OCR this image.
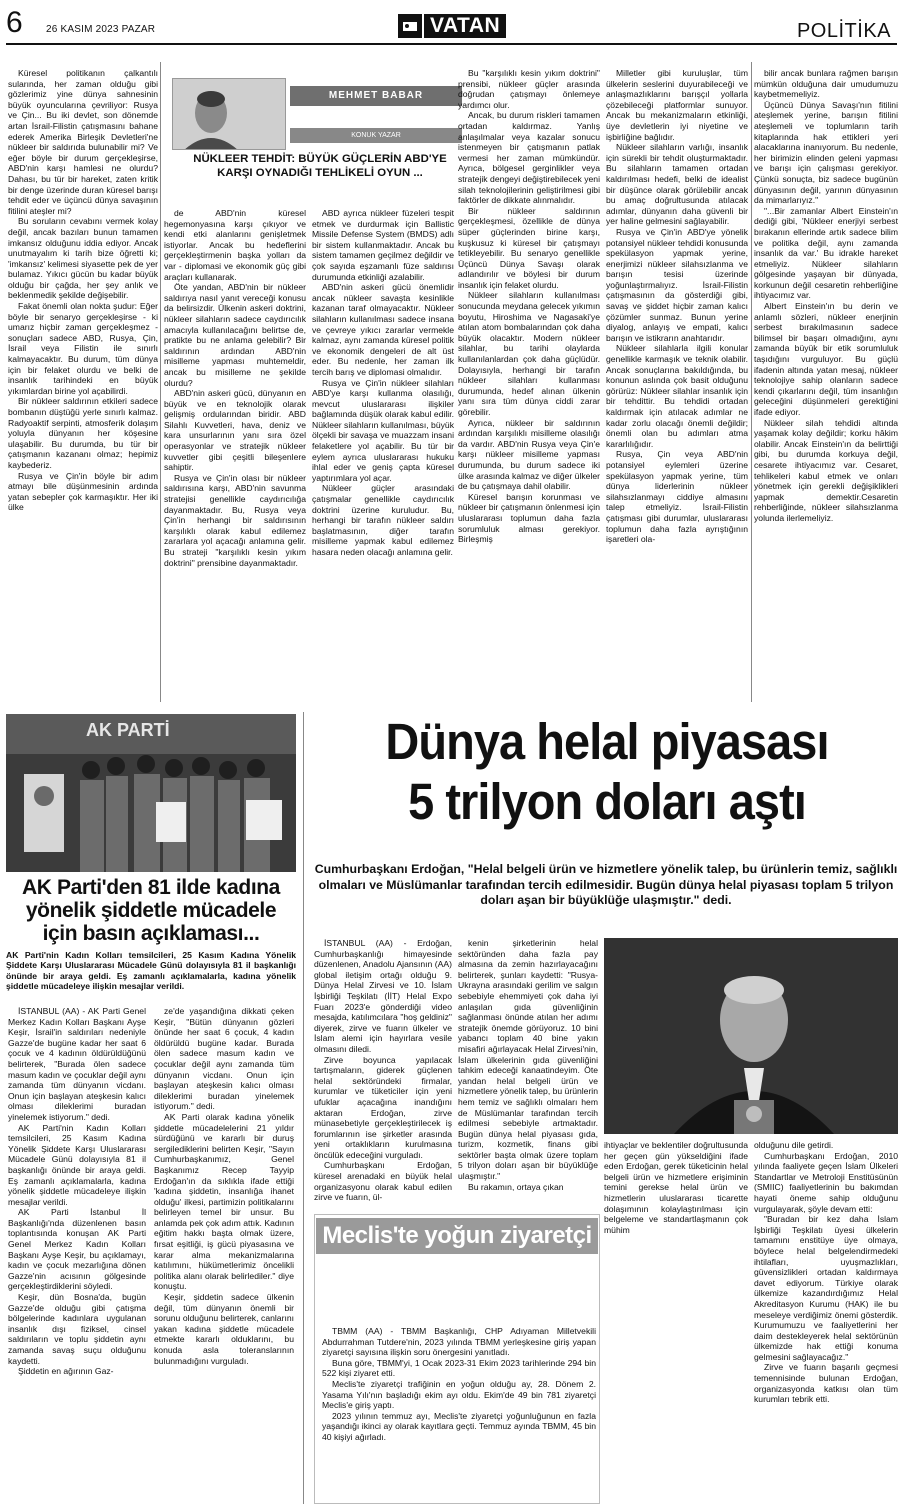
6 26 KASIM 2023 PAZAR	VATAN	POLİTİKA
MEHMET BABAR
KONUK YAZAR
NÜKLEER TEHDİT: BÜYÜK GÜÇLERİN ABD'YE KARŞI OYNADIĞI TEHLİKELİ OYUN ...

Küresel politikanın çalkantılı sularında, her zaman olduğu gibi gözlerimiz yine dünya sahnesinin büyük oyuncularına çevriliyor: Rusya ve Çin... Bu iki devlet, son dönemde artan İsrail-Filistin çatışmasını bahane ederek Amerika Birleşik Devletleri'ne nükleer bir saldırıda bulunabilir mi? Ve eğer böyle bir durum gerçekleşirse, ABD'nin karşı hamlesi ne olurdu? Dahası, bu tür bir hareket, zaten kritik bir denge üzerinde duran küresel barışı tehdit eder ve üçüncü dünya savaşının fitilini ateşler mi?

Bu soruların cevabını vermek kolay değil, ancak bazıları bunun tamamen imkansız olduğunu iddia ediyor. Ancak unutmayalım ki tarih bize öğretti ki; 'imkansız' kelimesi siyasette pek de yer bulamaz. Yıkıcı gücün bu kadar büyük olduğu bir çağda, her şey anlık ve beklenmedik şekilde değişebilir.

Fakat önemli olan nokta şudur: Eğer böyle bir senaryo gerçekleşirse - ki umarız hiçbir zaman gerçekleşmez - sonuçları sadece ABD, Rusya, Çin, İsrail veya Filistin ile sınırlı kalmayacaktır. Bu durum, tüm dünya için bir felaket olurdu ve belki de insanlık tarihindeki en büyük yıkımlardan birine yol açabilirdi.

Bir nükleer saldırının etkileri sadece bombanın düştüğü yerle sınırlı kalmaz. Radyoaktif serpinti, atmosferik dolaşım yoluyla dünyanın her köşesine ulaşabilir. Bu durumda, bu tür bir çatışmanın kazananı olmaz; hepimiz kaybederiz.

Rusya ve Çin'in böyle bir adım atmayı bile düşünmesinin ardında yatan sebepler çok karmaşıktır. Her iki ülke

de ABD'nin küresel hegemonyasına karşı çıkıyor ve kendi etki alanlarını genişletmek istiyorlar. Ancak bu hedeflerini gerçekleştirmenin başka yolları da var - diplomasi ve ekonomik güç gibi araçları kullanarak.

Öte yandan, ABD'nin bir nükleer saldırıya nasıl yanıt vereceği konusu da belirsizdir. Ülkenin askeri doktrini, nükleer silahların sadece caydırıcılık amacıyla kullanılacağını belirtse de, pratikte bu ne anlama gelebilir? Bir saldırının ardından ABD'nin misilleme yapması muhtemeldir, ancak bu misilleme ne şekilde olurdu?

ABD'nin askeri gücü, dünyanın en büyük ve en teknolojik olarak gelişmiş ordularından biridir. ABD Silahlı Kuvvetleri, hava, deniz ve kara unsurlarının yanı sıra özel operasyonlar ve stratejik nükleer kuvvetler gibi çeşitli bileşenlere sahiptir.

Rusya ve Çin'in olası bir nükleer saldırısına karşı, ABD'nin savunma stratejisi genellikle caydırıcılığa dayanmaktadır. Bu, Rusya veya Çin'in herhangi bir saldırısının karşılıklı olarak kabul edilemez zararlara yol açacağı anlamına gelir. Bu strateji "karşılıklı kesin yıkım doktrini" prensibine dayanmaktadır.

ABD ayrıca nükleer füzeleri tespit etmek ve durdurmak için Ballistic Missile Defense System (BMDS) adlı bir sistem kullanmaktadır. Ancak bu sistem tamamen geçilmez değildir ve çok sayıda eşzamanlı füze saldırısı durumunda etkinliği azalabilir.

ABD'nin askeri gücü önemlidir ancak nükleer savaşta kesinlikle kazanan taraf olmayacaktır. Nükleer silahların kullanılması sadece insana ve çevreye yıkıcı zararlar vermekle kalmaz, aynı zamanda küresel politik ve ekonomik dengeleri de alt üst eder. Bu nedenle, her zaman ilk tercih barış ve diplomasi olmalıdır.

Rusya ve Çin'in nükleer silahları ABD'ye karşı kullanma olasılığı, mevcut uluslararası ilişkiler bağlamında düşük olarak kabul edilir. Nükleer silahların kullanılması, büyük ölçekli bir savaşa ve muazzam insani felaketlere yol açabilir. Bu tür bir eylem ayrıca uluslararası hukuku ihlal eder ve geniş çapta küresel yaptırımlara yol açar.

Nükleer güçler arasındaki çatışmalar genellikle caydırıcılık doktrini üzerine kuruludur. Bu, herhangi bir tarafın nükleer saldırı başlatmasının, diğer tarafın misilleme yapmak kabul edilemez hasara neden olacağı anlamına gelir.

Bu "karşılıklı kesin yıkım doktrini" prensibi, nükleer güçler arasında doğrudan çatışmayı önlemeye yardımcı olur.

Ancak, bu durum riskleri tamamen ortadan kaldırmaz. Yanlış anlaşılmalar veya kazalar sonucu istenmeyen bir çatışmanın patlak vermesi her zaman mümkündür. Ayrıca, bölgesel gerginlikler veya stratejik dengeyi değiştirebilecek yeni silah teknolojilerinin geliştirilmesi gibi faktörler de dikkate alınmalıdır.

Bir nükleer saldırının gerçekleşmesi, özellikle de dünya süper güçlerinden birine karşı, kuşkusuz ki küresel bir çatışmayı tetikleyebilir. Bu senaryo genellikle Üçüncü Dünya Savaşı olarak adlandırılır ve böylesi bir durum insanlık için felaket olurdu.

Nükleer silahların kullanılması sonucunda meydana gelecek yıkımın boyutu, Hiroshima ve Nagasaki'ye atılan atom bombalarından çok daha büyük olacaktır. Modern nükleer silahlar, bu tarihi olaylarda kullanılanlardan çok daha güçlüdür. Dolayısıyla, herhangi bir tarafın nükleer silahları kullanması durumunda, hedef alınan ülkenin yanı sıra tüm dünya ciddi zarar görebilir.

Ayrıca, nükleer bir saldırının ardından karşılıklı misilleme olasılığı da vardır. ABD'nin Rusya veya Çin'e karşı nükleer misilleme yapması durumunda, bu durum sadece iki ülke arasında kalmaz ve diğer ülkeler de bu çatışmaya dahil olabilir.

Küresel barışın korunması ve nükleer bir çatışmanın önlenmesi için uluslararası toplumun daha fazla sorumluluk alması gerekiyor. Birleşmiş

Milletler gibi kuruluşlar, tüm ülkelerin seslerini duyurabileceği ve anlaşmazlıklarını barışçıl yollarla çözebileceği platformlar sunuyor. Ancak bu mekanizmaların etkinliği, üye devletlerin iyi niyetine ve işbirliğine bağlıdır.

Nükleer silahların varlığı, insanlık için sürekli bir tehdit oluşturmaktadır. Bu silahların tamamen ortadan kaldırılması hedefi, belki de idealist bir düşünce olarak görülebilir ancak bu amaç doğrultusunda atılacak adımlar, dünyanın daha güvenli bir yer haline gelmesini sağlayabilir.

Rusya ve Çin'in ABD'ye yönelik potansiyel nükleer tehdidi konusunda spekülasyon yapmak yerine, enerjimizi nükleer silahsızlanma ve barışın tesisi üzerinde yoğunlaştırmalıyız. İsrail-Filistin çatışmasının da gösterdiği gibi, savaş ve şiddet hiçbir zaman kalıcı çözümler sunmaz. Bunun yerine diyalog, anlayış ve empati, kalıcı barışın ve istikrarın anahtarıdır.

Nükleer silahlarla ilgili konular genellikle karmaşık ve teknik olabilir. Ancak sonuçlarına bakıldığında, bu konunun aslında çok basit olduğunu görürüz: Nükleer silahlar insanlık için bir tehdittir. Bu tehdidi ortadan kaldırmak için atılacak adımlar ne kadar zorlu olacağı önemli değildir; önemli olan bu adımları atma kararlılığıdır.

Rusya, Çin veya ABD'nin potansiyel eylemleri üzerine spekülasyon yapmak yerine, tüm dünya liderlerinin nükleer silahsızlanmayı ciddiye almasını talep etmeliyiz. İsrail-Filistin çatışması gibi durumlar, uluslararası toplumun daha fazla ayrıştığının işaretleri ola-

bilir ancak bunlara rağmen barışın mümkün olduğuna dair umudumuzu kaybetmemeliyiz.

Üçüncü Dünya Savaşı'nın fitilini ateşlemek yerine, barışın fitilini ateşlemeli ve toplumların tarih kitaplarında hak ettikleri yeri alacaklarına inanıyorum. Bu nedenle, her birimizin elinden geleni yapması ve barışı için çalışması gerekiyor. Çünkü sonuçta, biz sadece bugünün dünyasının değil, yarının dünyasının da mimarlarıyız."

"...Bir zamanlar Albert Einstein'ın dediği gibi, 'Nükleer enerjiyi serbest bırakanın ellerinde artık sadece bilim ve politika değil, aynı zamanda insanlık da var.' Bu idrakle hareket etmeliyiz. Nükleer silahların gölgesinde yaşayan bir dünyada, korkunun değil cesaretin rehberliğine ihtiyacımız var.

Albert Einstein'ın bu derin ve anlamlı sözleri, nükleer enerjinin serbest bırakılmasının sadece bilimsel bir başarı olmadığını, aynı zamanda büyük bir etik sorumluluk taşıdığını vurguluyor. Bu güçlü ifadenin altında yatan mesaj, nükleer teknolojiye sahip olanların sadece kendi çıkarlarını değil, tüm insanlığın geleceğini düşünmeleri gerektiğini ifade ediyor.

Nükleer silah tehdidi altında yaşamak kolay değildir; korku hâkim olabilir. Ancak Einstein'ın da belirttiği gibi, bu durumda korkuya değil, cesarete ihtiyacımız var. Cesaret, tehlikeleri kabul etmek ve onları yönetmek için gerekli değişiklikleri yapmak demektir.Cesaretin rehberliğinde, nükleer silahsızlanma yolunda ilerlemeliyiz.

AK PARTİ
AK Parti'den 81 ilde kadına yönelik şiddetle mücadele için basın açıklaması...
AK Parti'nin Kadın Kolları temsilcileri, 25 Kasım Kadına Yönelik Şiddete Karşı Uluslararası Mücadele Günü dolayısıyla 81 il başkanlığı önünde bir araya geldi. Eş zamanlı açıklamalarla, kadına yönelik şiddetle mücadeleye ilişkin mesajlar verildi.

İSTANBUL (AA) - AK Parti Genel Merkez Kadın Kolları Başkanı Ayşe Keşir, İsrail'in saldırıları nedeniyle Gazze'de bugüne kadar her saat 6 çocuk ve 4 kadının öldürüldüğünü belirterek, "Burada ölen sadece masum kadın ve çocuklar değil aynı zamanda tüm dünyanın vicdanı. Onun için başlayan ateşkesin kalıcı olması dileklerimi buradan yinelemek istiyorum." dedi.

AK Parti'nin Kadın Kolları temsilcileri, 25 Kasım Kadına Yönelik Şiddete Karşı Uluslararası Mücadele Günü dolayısıyla 81 il başkanlığı önünde bir araya geldi. Eş zamanlı açıklamalarla, kadına yönelik şiddetle mücadeleye ilişkin mesajlar verildi.

AK Parti İstanbul İl Başkanlığı'nda düzenlenen basın toplantısında konuşan AK Parti Genel Merkez Kadın Kolları Başkanı Ayşe Keşir, bu açıklamayı, kadın ve çocuk mezarlığına dönen Gazze'nin acısının gölgesinde gerçekleştirdiklerini söyledi.

Keşir, dün Bosna'da, bugün Gazze'de olduğu gibi çatışma bölgelerinde kadınlara uygulanan insanlık dışı fiziksel, cinsel saldırıların ve toplu şiddetin aynı zamanda savaş suçu olduğunu kaydetti.

Şiddetin en ağırının Gaz-

ze'de yaşandığına dikkati çeken Keşir, "Bütün dünyanın gözleri önünde her saat 6 çocuk, 4 kadın öldürüldü bugüne kadar. Burada ölen sadece masum kadın ve çocuklar değil aynı zamanda tüm dünyanın vicdanı. Onun için başlayan ateşkesin kalıcı olması dileklerimi buradan yinelemek istiyorum." dedi.

AK Parti olarak kadına yönelik şiddetle mücadelelerini 21 yıldır sürdüğünü ve kararlı bir duruş sergilediklerini belirten Keşir, "Sayın Cumhurbaşkanımız, Genel Başkanımız Recep Tayyip Erdoğan'ın da sıklıkla ifade ettiği 'kadına şiddetin, insanlığa ihanet olduğu' ilkesi, partimizin politikalarını belirleyen temel bir unsur. Bu anlamda pek çok adım attık. Kadının eğitim hakkı başta olmak üzere, fırsat eşitliği, iş gücü piyasasına ve karar alma mekanizmalarına katılımını, hükümetlerimiz öncelikli politika alanı olarak belirlediler." diye konuştu.

Keşir, şiddetin sadece ülkenin değil, tüm dünyanın önemli bir sorunu olduğunu belirterek, canlarını yakan kadına şiddetle mücadele etmekte kararlı olduklarını, bu konuda asla toleranslarının bulunmadığını vurguladı.

Dünya helal piyasası
5 trilyon doları aştı
Cumhurbaşkanı Erdoğan, "Helal belgeli ürün ve hizmetlere yönelik talep, bu ürünlerin temiz, sağlıklı olmaları ve Müslümanlar tarafından tercih edilmesidir. Bugün dünya helal piyasası toplam 5 trilyon doları aşan bir büyüklüğe ulaşmıştır." dedi.

İSTANBUL (AA) - Erdoğan, Cumhurbaşkanlığı himayesinde düzenlenen, Anadolu Ajansının (AA) global iletişim ortağı olduğu 9. Dünya Helal Zirvesi ve 10. İslam İşbirliği Teşkilatı (İİT) Helal Expo Fuarı 2023'e gönderdiği video mesajda, katılımcılara "hoş geldiniz" diyerek, zirve ve fuarın ülkeler ve İslam alemi için hayırlara vesile olmasını diledi.

Zirve boyunca yapılacak tartışmaların, giderek güçlenen helal sektöründeki firmalar, kurumlar ve tüketiciler için yeni ufuklar açacağına inandığını aktaran Erdoğan, zirve münasebetiyle gerçekleştirilecek iş forumlarının ise şirketler arasında yeni ortaklıkların kurulmasına öncülük edeceğini vurguladı.

Cumhurbaşkanı Erdoğan, küresel arenadaki en büyük helal organizasyonu olarak kabul edilen zirve ve fuarın, ül-

kenin şirketlerinin helal sektöründen daha fazla pay almasına da zemin hazırlayacağını belirterek, şunları kaydetti: "Rusya-Ukrayna arasındaki gerilim ve salgın sebebiyle ehemmiyeti çok daha iyi anlaşılan gıda güvenliğinin sağlanması önünde atılan her adımı stratejik önemde görüyoruz. 10 bini yabancı toplam 40 bine yakın misafiri ağırlayacak Helal Zirvesi'nin, İslam ülkelerinin gıda güvenliğini tahkim edeceği kanaatindeyim. Öte yandan helal belgeli ürün ve hizmetlere yönelik talep, bu ürünlerin hem temiz ve sağlıklı olmaları hem de Müslümanlar tarafından tercih edilmesi sebebiyle artmaktadır. Bugün dünya helal piyasası gıda, turizm, kozmetik, finans gibi sektörler başta olmak üzere toplam 5 trilyon doları aşan bir büyüklüğe ulaşmıştır."

Bu rakamın, ortaya çıkan

ihtiyaçlar ve beklentiler doğrultusunda her geçen gün yükseldiğini ifade eden Erdoğan, gerek tüketicinin helal belgeli ürün ve hizmetlere erişiminin temini gerekse helal ürün ve hizmetlerin uluslararası ticarette dolaşımının kolaylaştırılması için belgeleme ve standartlaşmanın çok mühim

olduğunu dile getirdi.

Cumhurbaşkanı Erdoğan, 2010 yılında faaliyete geçen İslam Ülkeleri Standartlar ve Metroloji Enstitüsünün (SMIIC) faaliyetlerinin bu bakımdan hayati öneme sahip olduğunu vurgulayarak, şöyle devam etti:

"Buradan bir kez daha İslam İşbirliği Teşkilatı üyesi ülkelerin tamamını enstitüye üye olmaya, böylece helal belgelendirmedeki ihtilafları, uyuşmazlıkları, güvensizlikleri ortadan kaldırmaya davet ediyorum. Türkiye olarak ülkemize kazandırdığımız Helal Akreditasyon Kurumu (HAK) ile bu meseleye verdiğimiz önemi gösterdik. Kurumumuzu ve faaliyetlerini her daim destekleyerek helal sektörünün ülkemizde hak ettiği konuma gelmesini sağlayacağız."

Zirve ve fuarın başarılı geçmesi temennisinde bulunan Erdoğan, organizasyonda katkısı olan tüm kurumları tebrik etti.

Meclis'te yoğun ziyaretçi trafiği

TBMM (AA) - TBMM Başkanlığı, CHP Adıyaman Milletvekili Abdurrahman Tutdere'nin, 2023 yılında TBMM yerleşkesine giriş yapan ziyaretçi sayısına ilişkin soru önergesini yanıtladı.

Buna göre, TBMM'yi, 1 Ocak 2023-31 Ekim 2023 tarihlerinde 294 bin 522 kişi ziyaret etti.

Meclis'te ziyaretçi trafiğinin en yoğun olduğu ay, 28. Dönem 2. Yasama Yılı'nın başladığı ekim ayı oldu. Ekim'de 49 bin 781 ziyaretçi Meclis'e giriş yaptı.

2023 yılının temmuz ayı, Meclis'te ziyaretçi yoğunluğunun en fazla yaşandığı ikinci ay olarak kayıtlara geçti. Temmuz ayında TBMM, 45 bin 40 kişiyi ağırladı.
